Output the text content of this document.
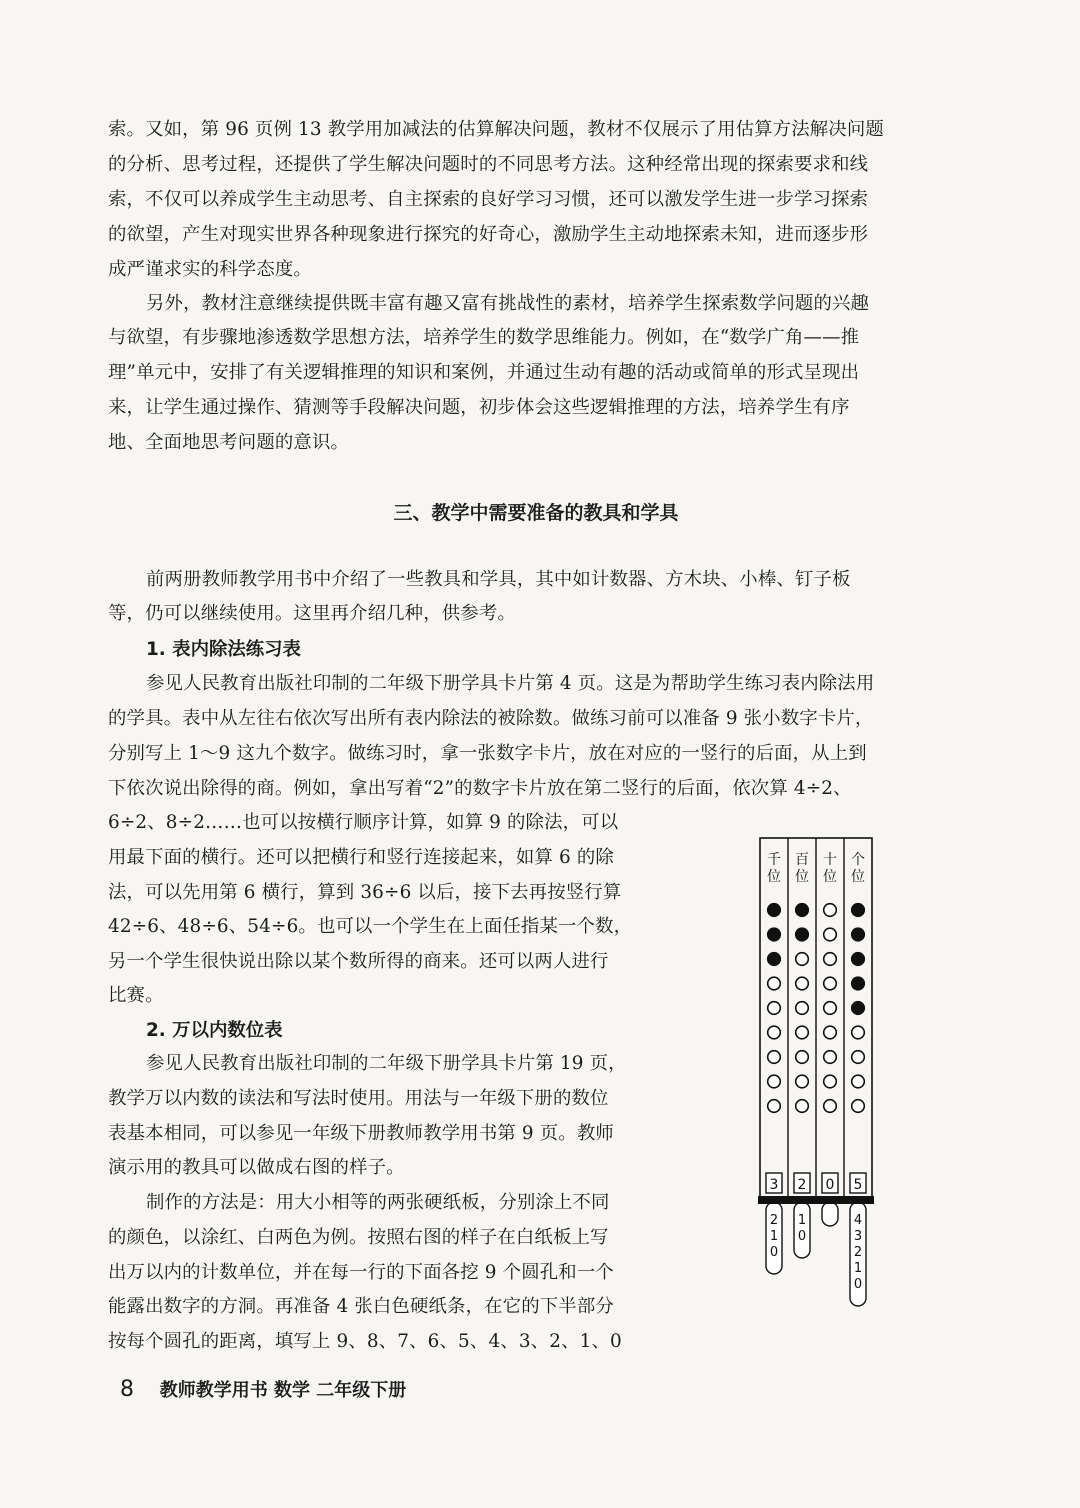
索。又如，第 96 页例 13 教学用加减法的估算解决问题，教材不仅展示了用估算方法解决问题
的分析、思考过程，还提供了学生解决问题时的不同思考方法。这种经常出现的探索要求和线
索，不仅可以养成学生主动思考、自主探索的良好学习习惯，还可以激发学生进一步学习探索
的欲望，产生对现实世界各种现象进行探究的好奇心，激励学生主动地探索未知，进而逐步形
成严谨求实的科学态度。
另外，教材注意继续提供既丰富有趣又富有挑战性的素材，培养学生探索数学问题的兴趣
与欲望，有步骤地渗透数学思想方法，培养学生的数学思维能力。例如，在“数学广角——推
理”单元中，安排了有关逻辑推理的知识和案例，并通过生动有趣的活动或简单的形式呈现出
来，让学生通过操作、猜测等手段解决问题，初步体会这些逻辑推理的方法，培养学生有序
地、全面地思考问题的意识。
三、教学中需要准备的教具和学具
前两册教师教学用书中介绍了一些教具和学具，其中如计数器、方木块、小棒、钉子板
等，仍可以继续使用。这里再介绍几种，供参考。
1. 表内除法练习表
参见人民教育出版社印制的二年级下册学具卡片第 4 页。这是为帮助学生练习表内除法用
的学具。表中从左往右依次写出所有表内除法的被除数。做练习前可以准备 9 张小数字卡片，
分别写上 1～9 这九个数字。做练习时，拿一张数字卡片，放在对应的一竖行的后面，从上到
下依次说出除得的商。例如，拿出写着“2”的数字卡片放在第二竖行的后面，依次算 4÷2、
6÷2、8÷2……也可以按横行顺序计算，如算 9 的除法，可以
用最下面的横行。还可以把横行和竖行连接起来，如算 6 的除
法，可以先用第 6 横行，算到 36÷6 以后，接下去再按竖行算
42÷6、48÷6、54÷6。也可以一个学生在上面任指某一个数，
另一个学生很快说出除以某个数所得的商来。还可以两人进行
比赛。
2. 万以内数位表
参见人民教育出版社印制的二年级下册学具卡片第 19 页，
教学万以内数的读法和写法时使用。用法与一年级下册的数位
表基本相同，可以参见一年级下册教师教学用书第 9 页。教师
演示用的教具可以做成右图的样子。
制作的方法是：用大小相等的两张硬纸板，分别涂上不同
的颜色，以涂红、白两色为例。按照右图的样子在白纸板上写
出万以内的计数单位，并在每一行的下面各挖 9 个圆孔和一个
能露出数字的方洞。再准备 4 张白色硬纸条，在它的下半部分
按每个圆孔的距离，填写上 9、8、7、6、5、4、3、2、1、0
千
位
3
2
1
0
百
位
2
1
0
十
位
0
个
位
5
4
3
2
1
0
8 教师教学用书 数学 二年级下册
